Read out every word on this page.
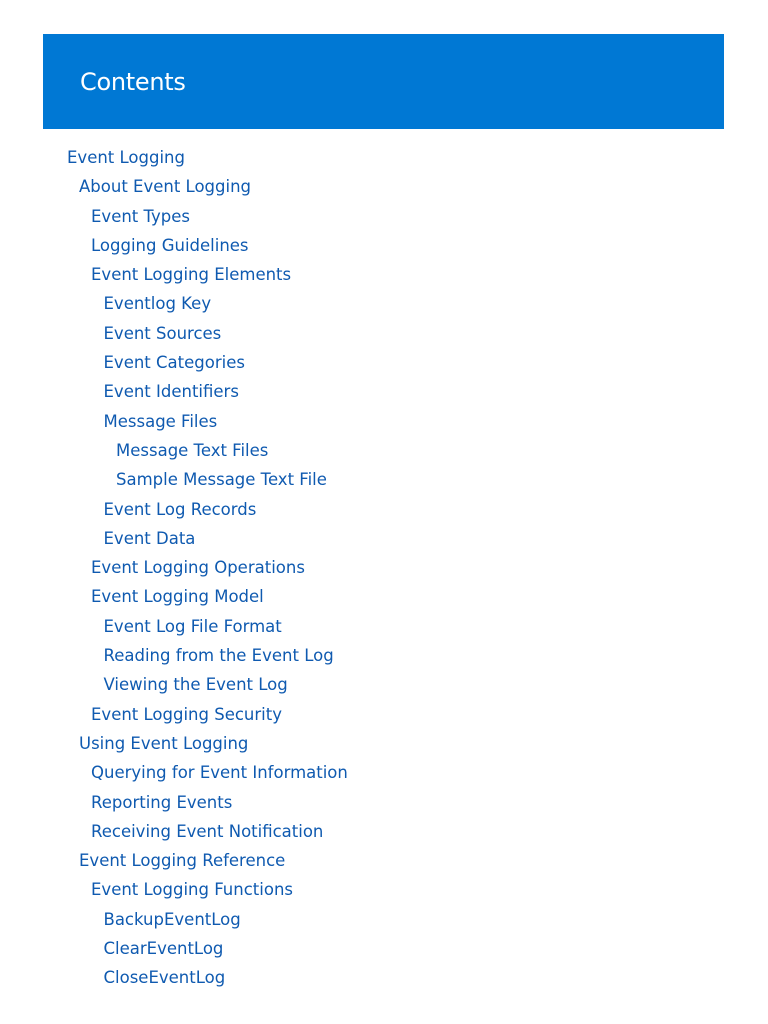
Contents
Event Logging
About Event Logging
Event Types
Logging Guidelines
Event Logging Elements
Eventlog Key
Event Sources
Event Categories
Event Identifiers
Message Files
Message Text Files
Sample Message Text File
Event Log Records
Event Data
Event Logging Operations
Event Logging Model
Event Log File Format
Reading from the Event Log
Viewing the Event Log
Event Logging Security
Using Event Logging
Querying for Event Information
Reporting Events
Receiving Event Notification
Event Logging Reference
Event Logging Functions
BackupEventLog
ClearEventLog
CloseEventLog
